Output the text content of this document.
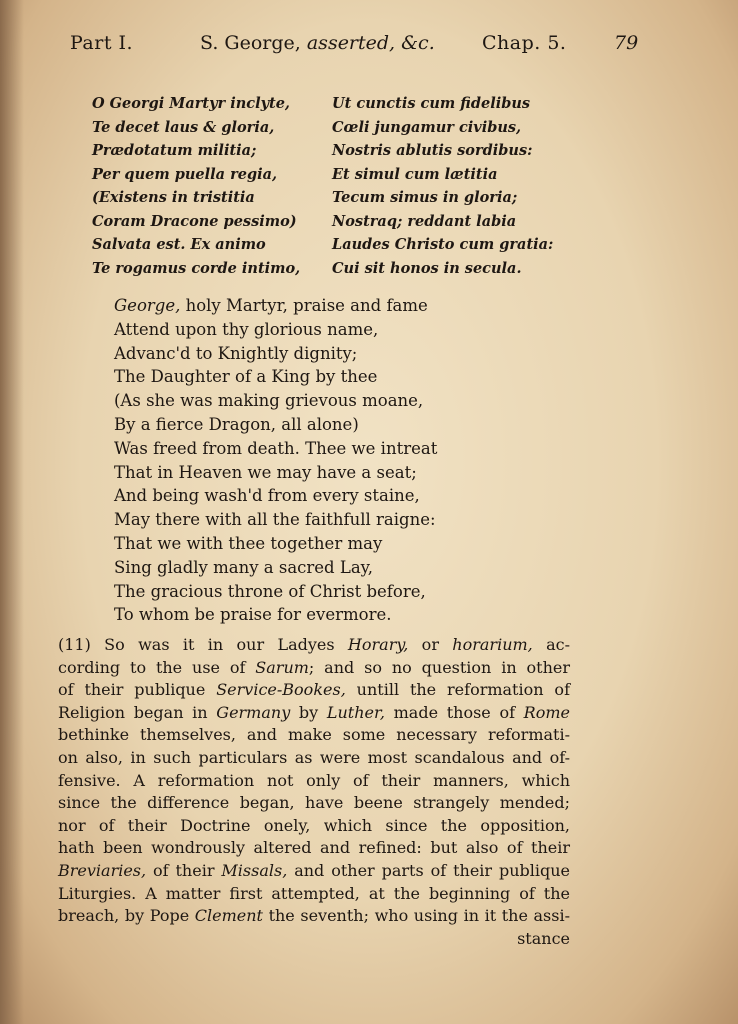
Part I.	S. George, asserted, &c. Chap. 5.	79
O Georgi Martyr inclyte,
Te decet laus & gloria,
Prædotatum militia;
Per quem puella regia,
(Existens in tristitia
Coram Dracone pessimo)
Salvata est. Ex animo
Te rogamus corde intimo,
Ut cunctis cum fidelibus
Cœli jungamur civibus,
Nostris ablutis sordibus:
Et simul cum lætitia
Tecum simus in gloria;
Nostraq; reddant labia
Laudes Christo cum gratia:
Cui sit honos in secula.
George, holy Martyr, praise and fame
Attend upon thy glorious name,
Advanc'd to Knightly dignity;
The Daughter of a King by thee
(As she was making grievous moane,
By a fierce Dragon, all alone)
Was freed from death. Thee we intreat
That in Heaven we may have a seat;
And being wash'd from every staine,
May there with all the faithfull raigne:
That we with thee together may
Sing gladly many a sacred Lay,
The gracious throne of Christ before,
To whom be praise for evermore.
(11) So was it in our Ladyes Horary, or horarium, ac-
cording to the use of Sarum; and so no question in other
of their publique Service-Bookes, untill the reformation of
Religion began in Germany by Luther, made those of Rome
bethinke themselves, and make some necessary reformati-
on also, in such particulars as were most scandalous and of-
fensive. A reformation not only of their manners, which
since the difference began, have beene strangely mended;
nor of their Doctrine onely, which since the opposition,
hath been wondrously altered and refined: but also of their
Breviaries, of their Missals, and other parts of their publique
Liturgies. A matter first attempted, at the beginning of the
breach, by Pope Clement the seventh; who using in it the assi-
stance
